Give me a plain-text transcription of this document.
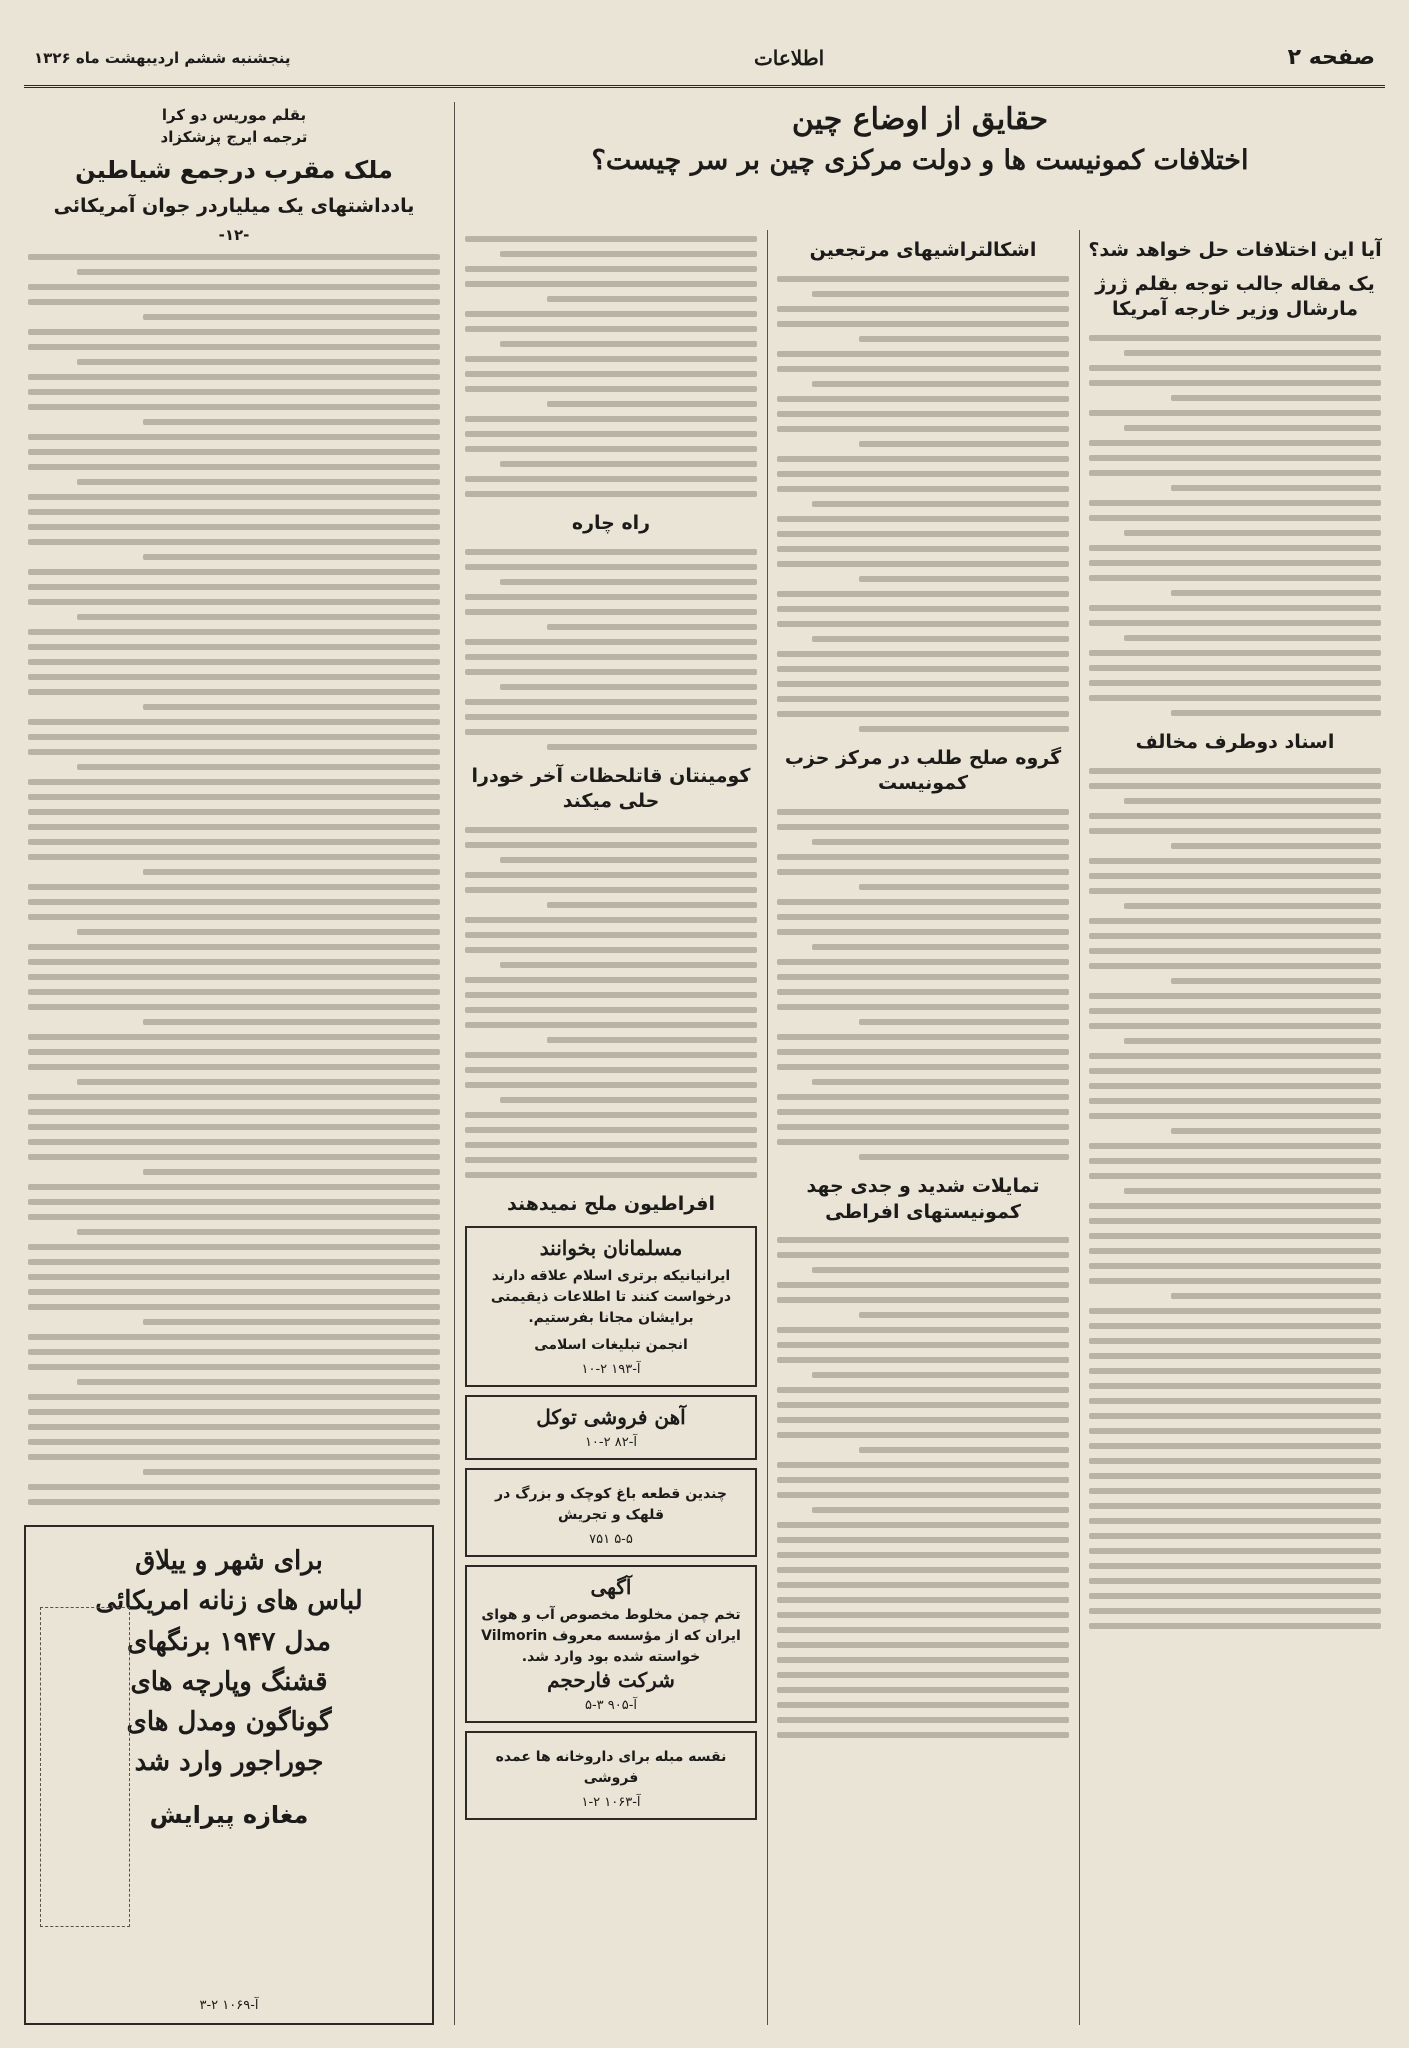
صفحه ۲
اطلاعات
پنجشنبه ششم اردیبهشت ماه ۱۳۲۶
حقایق از اوضاع چین
اختلافات کمونیست ها و دولت مرکزی چین بر سر چیست؟
آیا این اختلافات حل خواهد شد؟
یک مقاله جالب توجه بقلم ژرژ مارشال وزیر خارجه آمریکا
اسناد دوطرف مخالف
اشکالتراشیهای مرتجعین
گروه صلح طلب در مرکز حزب کمونیست
تمایلات شدید و جدی جهد کمونیستهای افراطی
راه چاره
کومینتان قاتلحظات آخر خودرا حلی میکند
افراطیون ملح نمیدهند
مسلمانان بخوانند
ایرانیانیکه برتری اسلام علاقه دارند درخواست کنند تا اطلاعات ذیقیمتی برایشان مجانا بفرستیم.
انجمن تبلیغات اسلامی
آ-۱۹۳ ۲-۱۰
آهن فروشی توکل
آ-۸۲ ۲-۱۰
چندین قطعه باغ کوچک و بزرگ در قلهک و تجریش
۷۵۱ ۵-۵
آگهی
تخم چمن مخلوط مخصوص آب و هوای ایران که از مؤسسه معروف Vilmorin خواسته شده بود وارد شد.
شرکت فارحجم
آ-۹۰۵ ۳-۵
نقسه مبله برای داروخانه ها عمده فروشی
آ-۱۰۶۳ ۲-۱
بقلم موریس دو کرا
ترجمه ایرج پزشکزاد
ملک مقرب درجمع شیاطین
یادداشتهای یک میلیاردر جوان آمریکائی
-۱۲-
برای شهر و ییلاق
لباس های زنانه امریکائی
مدل ۱۹۴۷ برنگهای
قشنگ وپارچه های
گوناگون ومدل های
جوراجور وارد شد
مغازه پیرایش
آ-۱۰۶۹ ۲-۳
